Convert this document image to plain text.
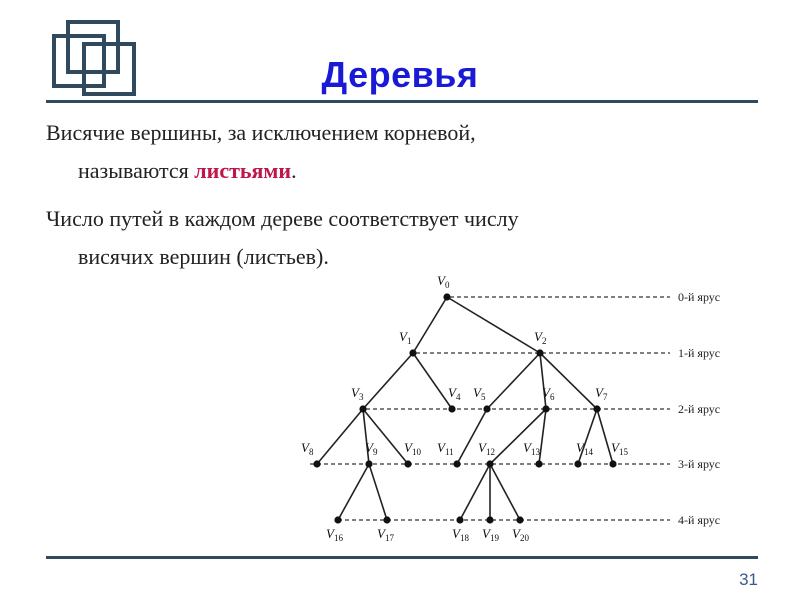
Деревья
Висячие вершины, за исключением корневой,
называются листьями.
Число путей в каждом дереве соответствует числу
висячих вершин (листьев).
0-й ярус
1-й ярус
2-й ярус
3-й ярус
4-й ярус
$V_0$
$V_1$	$V_2$
$V_3$	$V_4$ $V_5$	$V_6$	$V_7$
$V_8$	$V_9$ $V_{10}$ $V_{11}$ $V_{12}$ $V_{13}$	$V_{14}$ $V_{15}$
$V_{16}$	$V_{17}$	$V_{18}$ $V_{19}$ $V_{20}$
31
